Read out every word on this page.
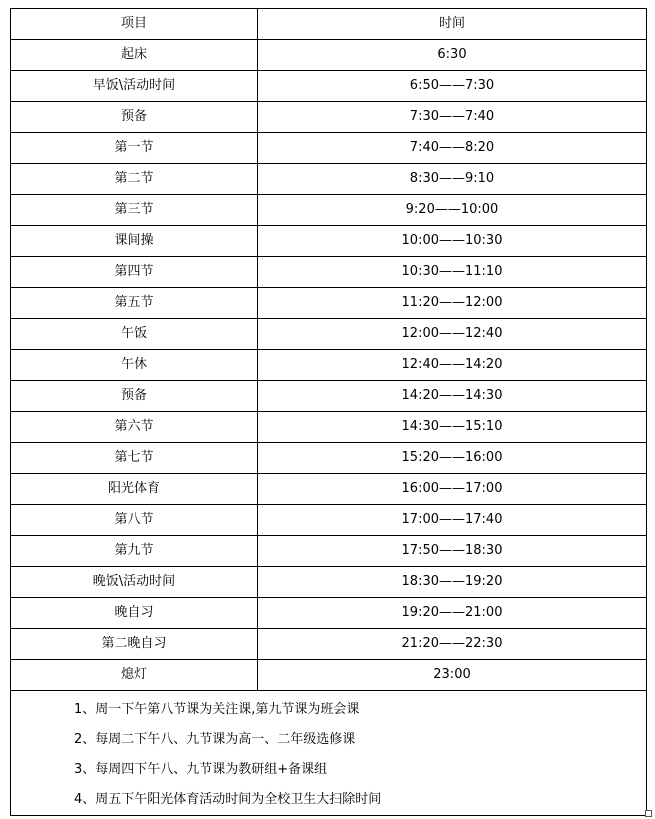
项目	时间
起床	6:30
早饭\活动时间	6:50——7:30
预备	7:30——7:40
第一节	7:40——8:20
第二节	8:30——9:10
第三节	9:20——10:00
课间操	10:00——10:30
第四节	10:30——11:10
第五节	11:20——12:00
午饭	12:00——12:40
午休	12:40——14:20
预备	14:20——14:30
第六节	14:30——15:10
第七节	15:20——16:00
阳光体育	16:00——17:00
第八节	17:00——17:40
第九节	17:50——18:30
晚饭\活动时间	18:30——19:20
晚自习	19:20——21:00
第二晚自习	21:20——22:30
熄灯	23:00

1、周一下午第八节课为关注课,第九节课为班会课
2、每周二下午八、九节课为高一、二年级选修课
3、每周四下午八、九节课为教研组+备课组
4、周五下午阳光体育活动时间为全校卫生大扫除时间	
